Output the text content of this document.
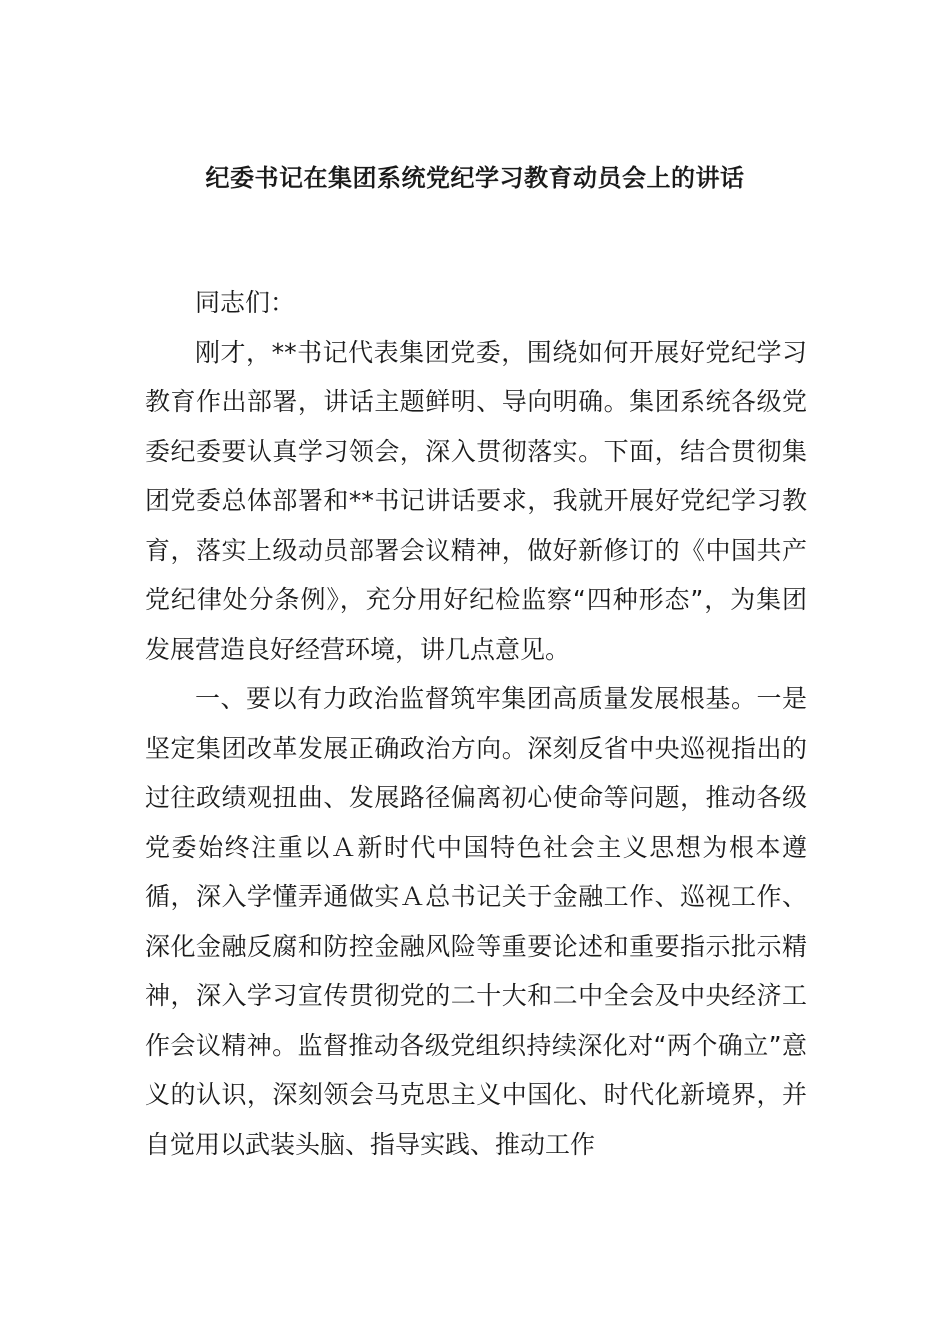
纪委书记在集团系统党纪学习教育动员会上的讲话

同志们：

刚才，**书记代表集团党委，围绕如何开展好党纪学习教育作出部署，讲话主题鲜明、导向明确。集团系统各级党委纪委要认真学习领会，深入贯彻落实。下面，结合贯彻集团党委总体部署和**书记讲话要求，我就开展好党纪学习教育，落实上级动员部署会议精神，做好新修订的《中国共产党纪律处分条例》，充分用好纪检监察“四种形态”，为集团发展营造良好经营环境，讲几点意见。

一、要以有力政治监督筑牢集团高质量发展根基。一是坚定集团改革发展正确政治方向。深刻反省中央巡视指出的过往政绩观扭曲、发展路径偏离初心使命等问题，推动各级党委始终注重以Ａ新时代中国特色社会主义思想为根本遵循，深入学懂弄通做实Ａ总书记关于金融工作、巡视工作、深化金融反腐和防控金融风险等重要论述和重要指示批示精神，深入学习宣传贯彻党的二十大和二中全会及中央经济工作会议精神。监督推动各级党组织持续深化对“两个确立”意义的认识，深刻领会马克思主义中国化、时代化新境界，并自觉用以武装头脑、指导实践、推动工作
